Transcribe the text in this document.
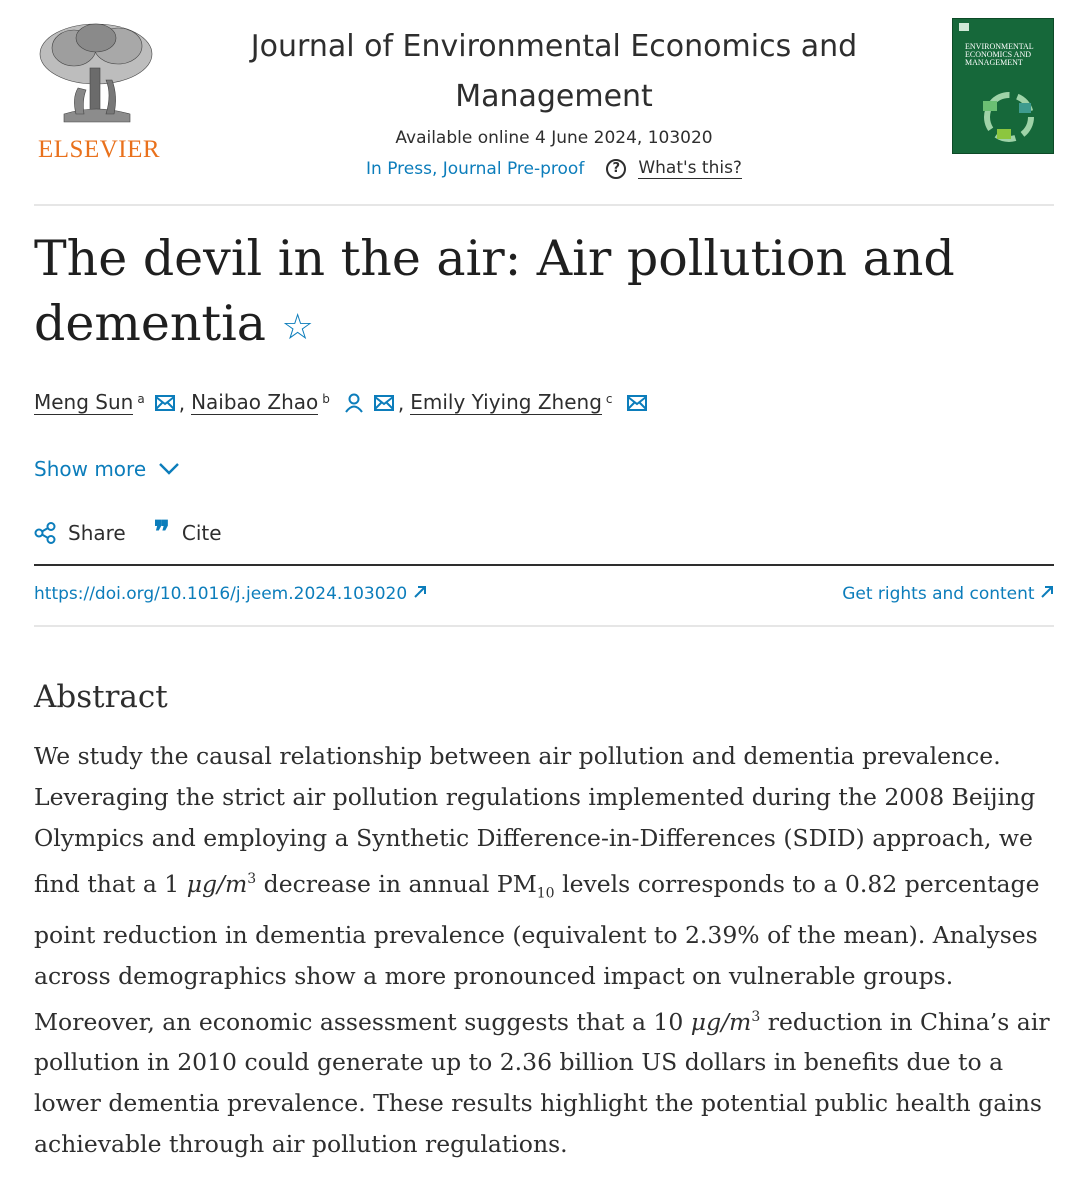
ELSEVIER
Journal of Environmental Economics and
Management
Available online 4 June 2024, 103020
In Press, Journal Pre-proof	?	What's this?
ENVIRONMENTAL ECONOMICS AND MANAGEMENT
The devil in the air: Air pollution and
dementia ☆
Meng Sun a , Naibao Zhao b	, Emily Yiying Zheng c
Show more
Share ❞ Cite
https://doi.org/10.1016/j.jeem.2024.103020	Get rights and content
Abstract
We study the causal relationship between air pollution and dementia prevalence. Leveraging the strict air pollution regulations implemented during the 2008 Beijing Olympics and employing a Synthetic Difference-in-Differences (SDID) approach, we find that a 1 $\mu g/m^3$ decrease in annual $PM_{10}$ levels corresponds to a 0.82 percentage point reduction in dementia prevalence (equivalent to 2.39% of the mean). Analyses across demographics show a more pronounced impact on vulnerable groups. Moreover, an economic assessment suggests that a 10 $\mu g/m^3$ reduction in China’s air pollution in 2010 could generate up to 2.36 billion US dollars in benefits due to a lower dementia prevalence. These results highlight the potential public health gains achievable through air pollution regulations.
